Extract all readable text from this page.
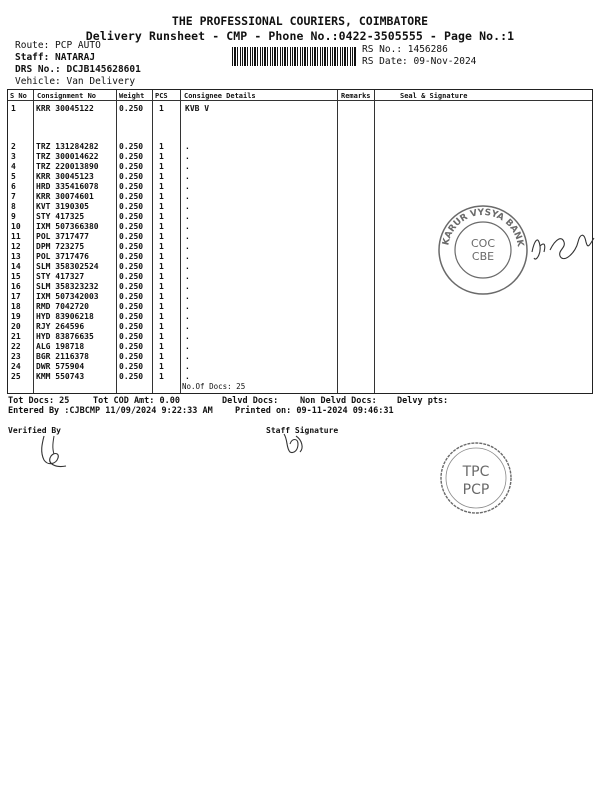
THE PROFESSIONAL COURIERS, COIMBATORE
Delivery Runsheet - CMP - Phone No.:0422-3505555 - Page No.:1
Route: PCP AUTO
Staff: NATARAJ
DRS No.: DCJB145628601
Vehicle: Van Delivery
RS No.: 1456286
RS Date: 09-Nov-2024
S No Consignment No	Weight PCS Consignee Details	Remarks	Seal & Signature
1	KRR 30045122	0.250 1	KVB V
2	TRZ 131284282	0.250 1	.
3	TRZ 300014622	0.250 1	.
4	TRZ 220013890	0.250 1	.
5	KRR 30045123	0.250 1	.
6	HRD 335416078	0.250 1	.
7	KRR 30074601	0.250 1	.
8	KVT 3190305	0.250 1	.
9	STY 417325	0.250 1	.
10 IXM 507366380	0.250 1	.
11 POL 3717477	0.250 1	.
12 DPM 723275	0.250 1	.
13 POL 3717476	0.250 1	.
14 SLM 358302524	0.250 1	.
15 STY 417327	0.250 1	.
16 SLM 358323232	0.250 1	.
17 IXM 507342003	0.250 1	.
18 RMD 7042720	0.250 1	.
19 HYD 83906218	0.250 1	.
20 RJY 264596	0.250 1	.
21 HYD 83876635	0.250 1	.
22 ALG 198718	0.250 1	.
23 BGR 2116378	0.250 1	.
24 DWR 575904	0.250 1	.
25 KMM 550743	0.250 1	.
No.Of Docs: 25
Tot Docs: 25	Tot COD Amt: 0.00	Delvd Docs:	Non Delvd Docs: Delvy pts:
Entered By :CJBCMP 11/09/2024 9:22:33 AM	Printed on: 09-11-2024 09:46:31
Verified By	Staff Signature
KARUR VYSYA BANK
COC
CBE
TPC
PCP
